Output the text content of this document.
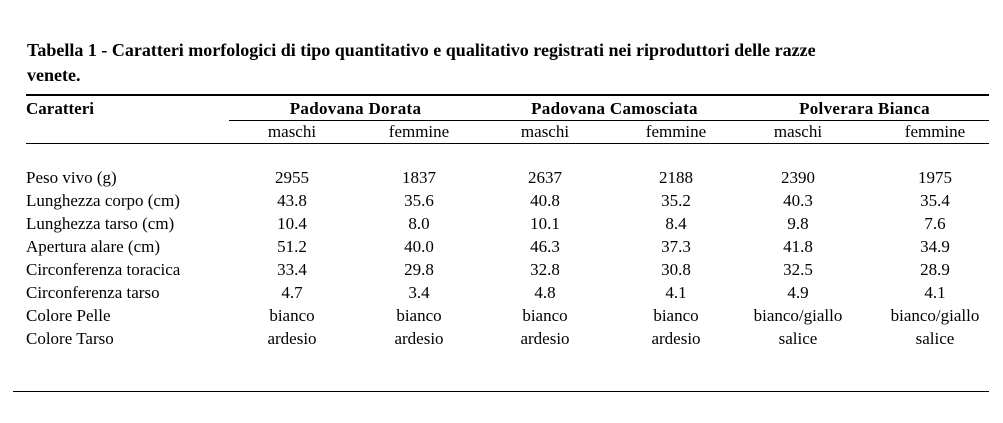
Tabella 1 - Caratteri morfologici di tipo quantitativo e qualitativo registrati nei riproduttori delle razze
venete.
Caratteri	Padovana Dorata	Padovana Camosciata	Polverara Bianca
maschi	femmine	maschi	femmine	maschi	femmine
Peso vivo (g)	2955	1837	2637	2188	2390	1975
Lunghezza corpo (cm)	43.8	35.6	40.8	35.2	40.3	35.4
Lunghezza tarso (cm)	10.4	8.0	10.1	8.4	9.8	7.6
Apertura alare (cm)	51.2	40.0	46.3	37.3	41.8	34.9
Circonferenza toracica	33.4	29.8	32.8	30.8	32.5	28.9
Circonferenza tarso	4.7	3.4	4.8	4.1	4.9	4.1
Colore Pelle	bianco	bianco	bianco	bianco	bianco/giallo	bianco/giallo
Colore Tarso	ardesio	ardesio	ardesio	ardesio	salice	salice
